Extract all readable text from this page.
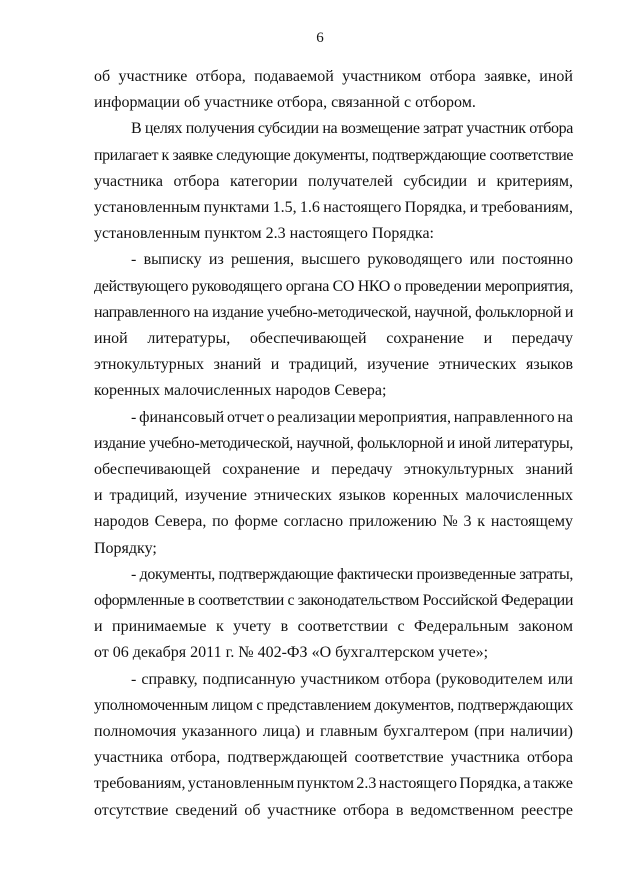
6
об участнике отбора, подаваемой участником отбора заявке, иной
информации об участнике отбора, связанной с отбором.
В целях получения субсидии на возмещение затрат участник отбора
прилагает к заявке следующие документы, подтверждающие соответствие
участника отбора категории получателей субсидии и критериям,
установленным пунктами 1.5, 1.6 настоящего Порядка, и требованиям,
установленным пунктом 2.3 настоящего Порядка:
- выписку из решения, высшего руководящего или постоянно
действующего руководящего органа СО НКО о проведении мероприятия,
направленного на издание учебно-методической, научной, фольклорной и
иной литературы, обеспечивающей сохранение и передачу
этнокультурных знаний и традиций, изучение этнических языков
коренных малочисленных народов Севера;
- финансовый отчет о реализации мероприятия, направленного на
издание учебно-методической, научной, фольклорной и иной литературы,
обеспечивающей сохранение и передачу этнокультурных знаний
и традиций, изучение этнических языков коренных малочисленных
народов Севера, по форме согласно приложению № 3 к настоящему
Порядку;
- документы, подтверждающие фактически произведенные затраты,
оформленные в соответствии с законодательством Российской Федерации
и принимаемые к учету в соответствии с Федеральным законом
от 06 декабря 2011 г. № 402-ФЗ «О бухгалтерском учете»;
- справку, подписанную участником отбора (руководителем или
уполномоченным лицом с представлением документов, подтверждающих
полномочия указанного лица) и главным бухгалтером (при наличии)
участника отбора, подтверждающей соответствие участника отбора
требованиям, установленным пунктом 2.3 настоящего Порядка, а также
отсутствие сведений об участнике отбора в ведомственном реестре
